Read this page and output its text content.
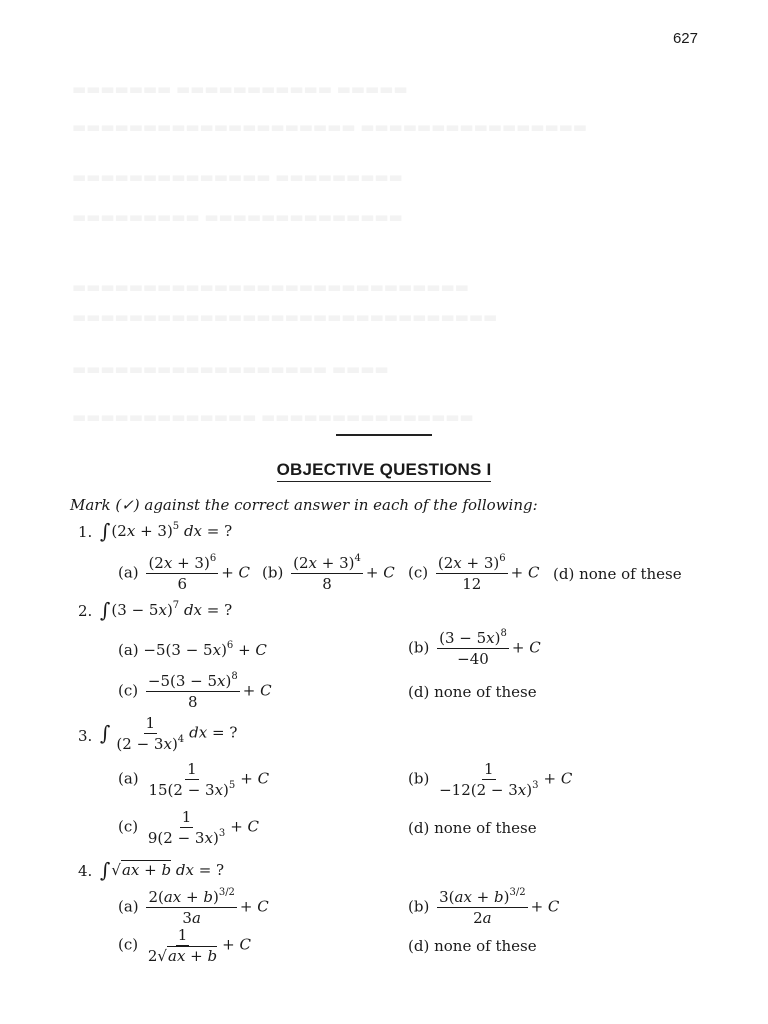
627
▬▬▬▬▬▬▬ ▬▬▬▬▬▬▬▬▬▬▬ ▬▬▬▬▬
▬▬▬▬▬▬▬▬▬▬▬▬▬▬▬▬▬▬▬▬ ▬▬▬▬▬▬▬▬▬▬▬▬▬▬▬▬
▬▬▬▬▬▬▬▬▬▬▬▬▬▬ ▬▬▬▬▬▬▬▬▬
▬▬▬▬▬▬▬▬▬ ▬▬▬▬▬▬▬▬▬▬▬▬▬▬
▬▬▬▬▬▬▬▬▬▬▬▬▬▬▬▬▬▬▬▬▬▬▬▬▬▬▬▬
▬▬▬▬▬▬▬▬▬▬▬▬▬▬▬▬▬▬▬▬▬▬▬▬▬▬▬▬▬▬
▬▬▬▬▬▬▬▬▬▬▬▬▬▬▬▬▬▬ ▬▬▬▬
▬▬▬▬▬▬▬▬▬▬▬▬▬ ▬▬▬▬▬▬▬▬▬▬▬▬▬▬▬
OBJECTIVE QUESTIONS I
Mark (✓) against the correct answer in each of the following:
1. $\int(2x + 3)^5$ dx = ?
$(a) \frac{(2x + 3)^6}{6} + C$ $(b) \frac{(2x + 3)^4}{8} + C$ $(c) \frac{(2x + 3)^6}{12} + C$ (d) none of these
2. $\int(3 - 5x)^7$ dx = ?
$(a) -5(3 - 5x)^6 + C$	$(b) \frac{(3 - 5x)^8}{-40} + C$
$(c) \frac{-5(3 - 5x)^8}{8} + C$	(d) none of these
3. ∫ $\frac{1}{(2 - 3x)^4}$ dx = ?
$(a) \frac{1}{15(2 - 3x)^5} + C$	$(b) \frac{1}{-12(2 - 3x)^3} + C$
$(c) \frac{1}{9(2 - 3x)^3} + C$	(d) none of these
4. ∫√ax + b dx = ?
$(a) \frac{2(ax + b)^{3/2}}{3a} + C$	$(b) \frac{3(ax + b)^{3/2}}{2a} + C$
$(c) \frac{1}{2√ax + b} + C$	(d) none of these
